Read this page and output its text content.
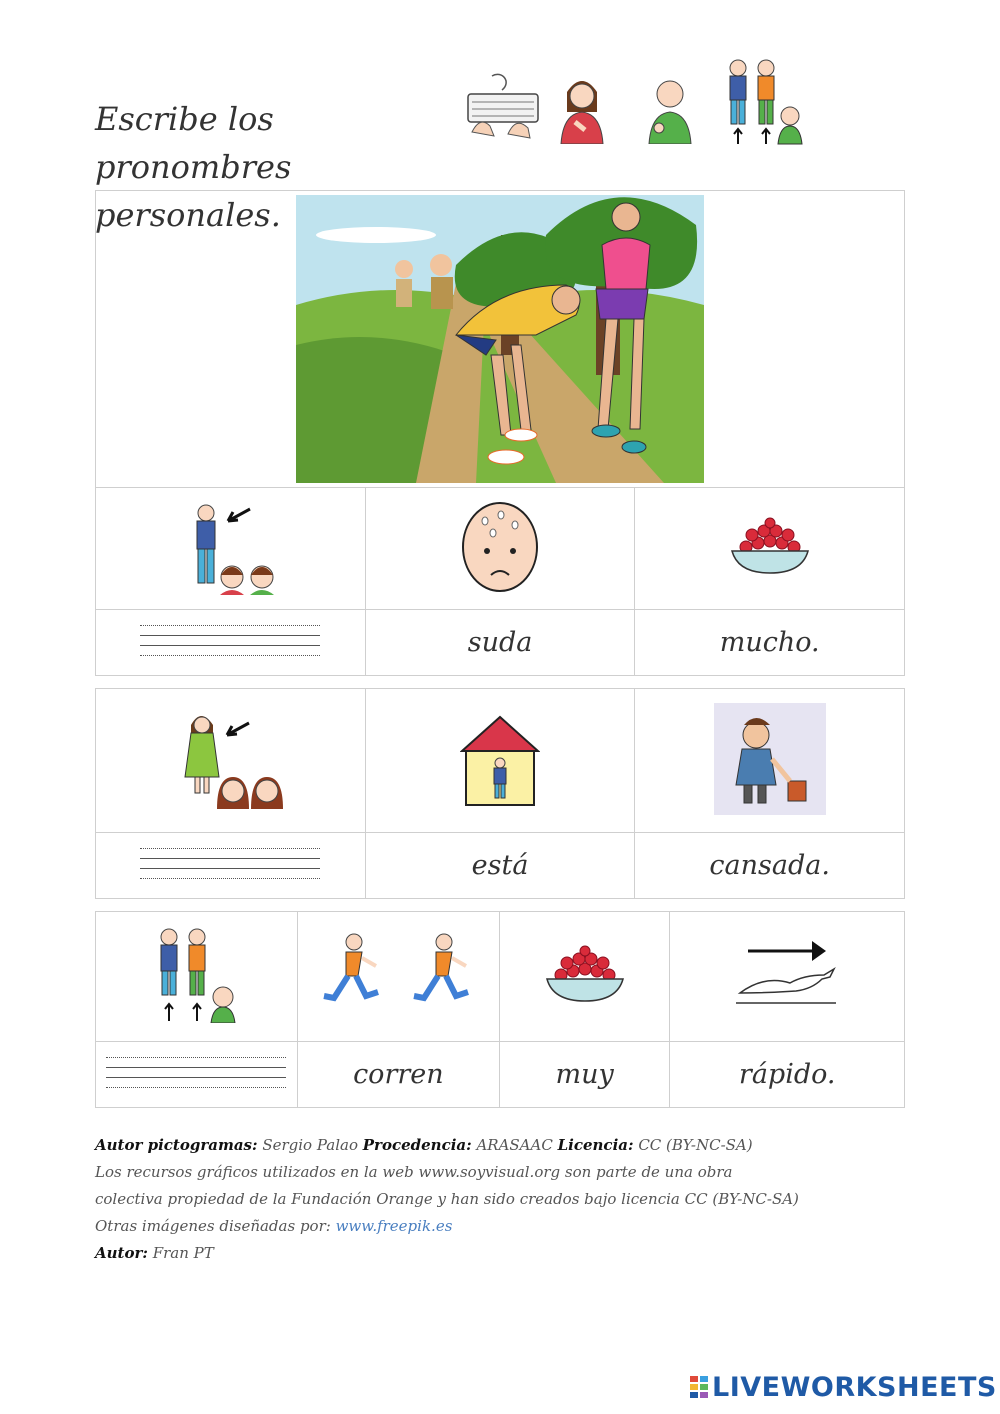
Escribe los pronombres personales.

	suda	mucho.

	está	cansada.

	corren	muy	rápido.
Autor pictogramas: Sergio Palao Procedencia: ARASAAC Licencia: CC (BY-NC-SA)
Los recursos gráficos utilizados en la web www.soyvisual.org son parte de una obra
colectiva propiedad de la Fundación Orange y han sido creados bajo licencia CC (BY-NC-SA)
Otras imágenes diseñadas por: www.freepik.es
Autor: Fran PT
LIVEWORKSHEETS
